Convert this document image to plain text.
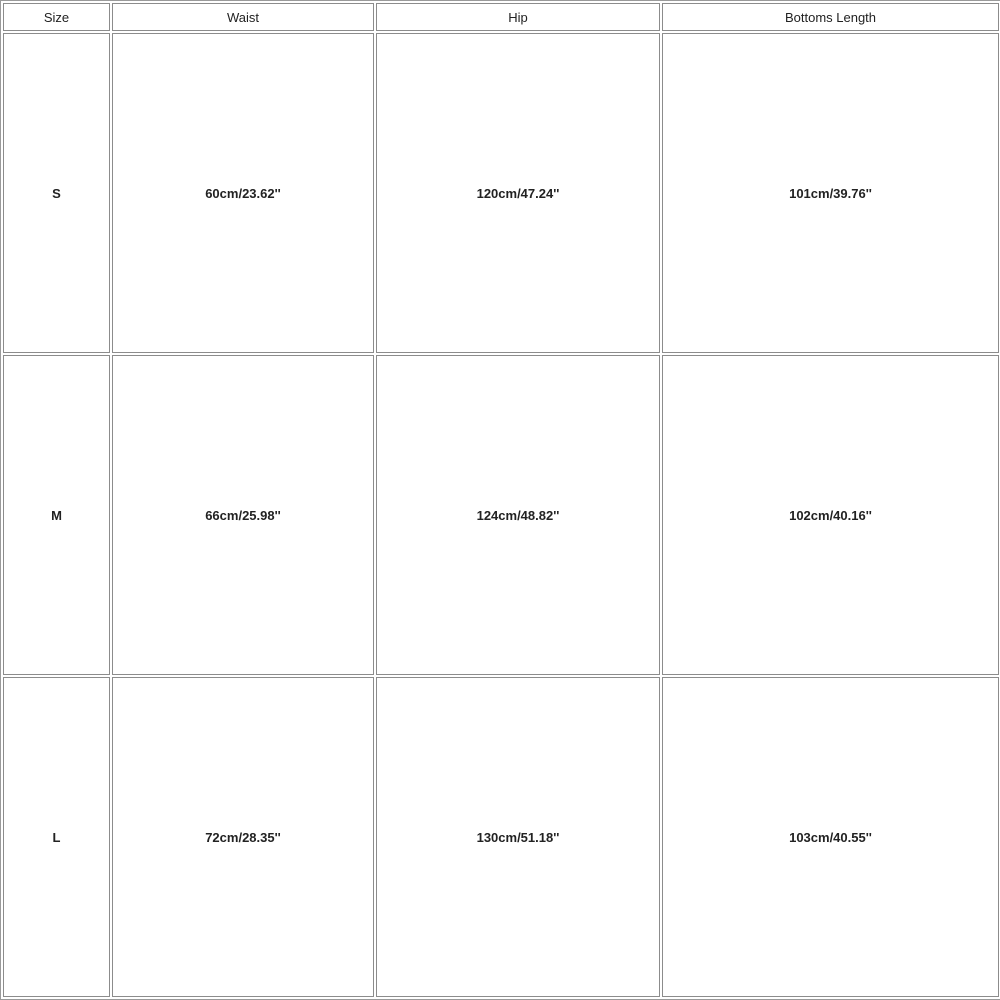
Size	Waist	Hip	Bottoms Length
S	60cm/23.62''	120cm/47.24''	101cm/39.76''
M	66cm/25.98''	124cm/48.82''	102cm/40.16''
L	72cm/28.35''	130cm/51.18''	103cm/40.55''
